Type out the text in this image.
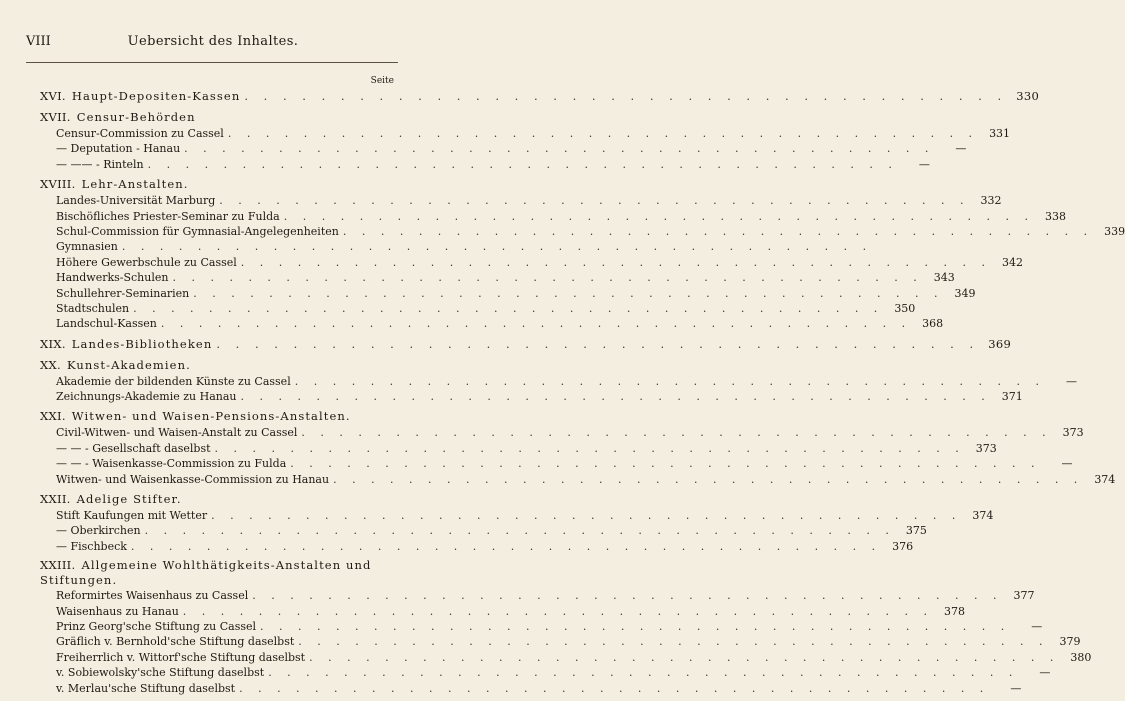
VIII	Uebersicht des Inhaltes.
Seite
XVI. Haupt-Depositen-Kassen . . . . . . . . . . . . . . . . . . . . . . . . . . . . . . . . . . . . . . . . 330
XVII. Censur-Behörden
Censur-Commission zu Cassel . . . . . . . . . . . . . . . . . . . . . . . . . . . . . . . . . . . . . . . .	331
— Deputation - Hanau . . . . . . . . . . . . . . . . . . . . . . . . . . . . . . . . . . . . . . . .	—
— —— - Rinteln . . . . . . . . . . . . . . . . . . . . . . . . . . . . . . . . . . . . . . . .	—
XVIII. Lehr-Anstalten.
Landes-Universität Marburg . . . . . . . . . . . . . . . . . . . . . . . . . . . . . . . . . . . . . . . .	332
Bischöfliches Priester-Seminar zu Fulda . . . . . . . . . . . . . . . . . . . . . . . . . . . . . . . . . . . . . . . .	338
Schul-Commission für Gymnasial-Angelegenheiten . . . . . . . . . . . . . . . . . . . . . . . . . . . . . . . . . . . . . . . .	339
Gymnasien . . . . . . . . . . . . . . . . . . . . . . . . . . . . . . . . . . . . . . . .
Höhere Gewerbschule zu Cassel . . . . . . . . . . . . . . . . . . . . . . . . . . . . . . . . . . . . . . . .	342
Handwerks-Schulen . . . . . . . . . . . . . . . . . . . . . . . . . . . . . . . . . . . . . . . .	343
Schullehrer-Seminarien . . . . . . . . . . . . . . . . . . . . . . . . . . . . . . . . . . . . . . . .	349
Stadtschulen . . . . . . . . . . . . . . . . . . . . . . . . . . . . . . . . . . . . . . . .	350
Landschul-Kassen . . . . . . . . . . . . . . . . . . . . . . . . . . . . . . . . . . . . . . . .	368
XIX. Landes-Bibliotheken . . . . . . . . . . . . . . . . . . . . . . . . . . . . . . . . . . . . . . . . 369
XX. Kunst-Akademien.
Akademie der bildenden Künste zu Cassel . . . . . . . . . . . . . . . . . . . . . . . . . . . . . . . . . . . . . . . .	—
Zeichnungs-Akademie zu Hanau . . . . . . . . . . . . . . . . . . . . . . . . . . . . . . . . . . . . . . . .	371
XXI. Witwen- und Waisen-Pensions-Anstalten.
Civil-Witwen- und Waisen-Anstalt zu Cassel . . . . . . . . . . . . . . . . . . . . . . . . . . . . . . . . . . . . . . . .	373
— — - Gesellschaft daselbst . . . . . . . . . . . . . . . . . . . . . . . . . . . . . . . . . . . . . . . .	373
— — - Waisenkasse-Commission zu Fulda . . . . . . . . . . . . . . . . . . . . . . . . . . . . . . . . . . . . . . . .	—
Witwen- und Waisenkasse-Commission zu Hanau . . . . . . . . . . . . . . . . . . . . . . . . . . . . . . . . . . . . . . . .	374
XXII. Adelige Stifter.
Stift Kaufungen mit Wetter . . . . . . . . . . . . . . . . . . . . . . . . . . . . . . . . . . . . . . . .	374
— Oberkirchen . . . . . . . . . . . . . . . . . . . . . . . . . . . . . . . . . . . . . . . .	375
— Fischbeck . . . . . . . . . . . . . . . . . . . . . . . . . . . . . . . . . . . . . . . .	376
XXIII. Allgemeine Wohlthätigkeits-Anstalten und Stiftungen.
Reformirtes Waisenhaus zu Cassel . . . . . . . . . . . . . . . . . . . . . . . . . . . . . . . . . . . . . . . .	377
Waisenhaus zu Hanau . . . . . . . . . . . . . . . . . . . . . . . . . . . . . . . . . . . . . . . .	378
Prinz Georg'sche Stiftung zu Cassel . . . . . . . . . . . . . . . . . . . . . . . . . . . . . . . . . . . . . . . .	—
Gräflich v. Bernhold'sche Stiftung daselbst . . . . . . . . . . . . . . . . . . . . . . . . . . . . . . . . . . . . . . . .	379
Freiherrlich v. Wittorf'sche Stiftung daselbst . . . . . . . . . . . . . . . . . . . . . . . . . . . . . . . . . . . . . . . .	380
v. Sobiewolsky'sche Stiftung daselbst . . . . . . . . . . . . . . . . . . . . . . . . . . . . . . . . . . . . . . . .	—
v. Merlau'sche Stiftung daselbst . . . . . . . . . . . . . . . . . . . . . . . . . . . . . . . . . . . . . . . .	—
